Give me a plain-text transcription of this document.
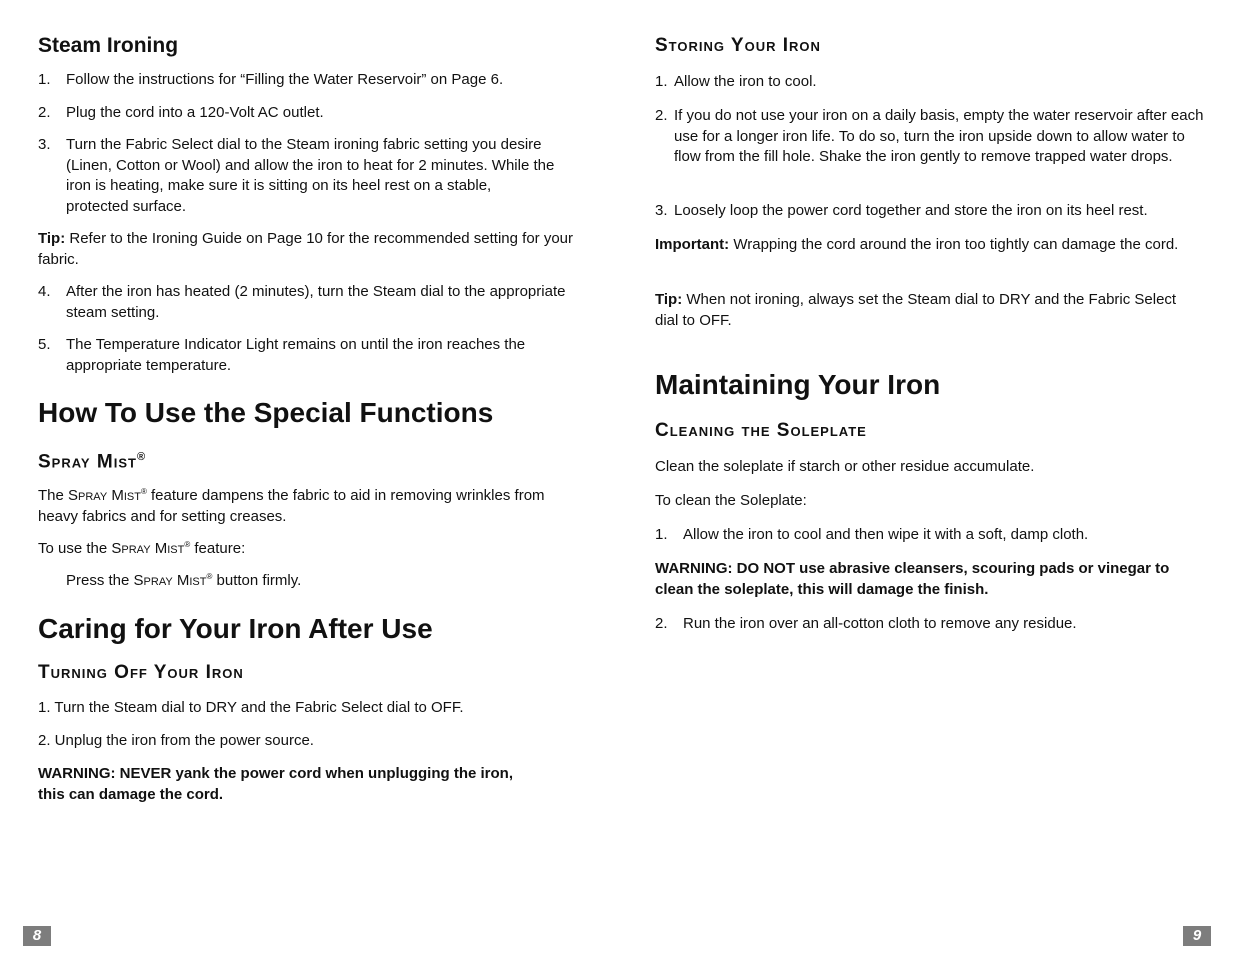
Steam Ironing
1. Follow the instructions for “Filling the Water Reservoir” on Page 6.
2. Plug the cord into a 120-Volt AC outlet.
3. Turn the Fabric Select dial to the Steam ironing fabric setting you desire (Linen, Cotton or Wool) and allow the iron to heat for 2 minutes. While the iron is heating, make sure it is sitting on its heel rest on a stable, protected surface.

Tip: Refer to the Ironing Guide on Page 10 for the recommended setting for your fabric.

4. After the iron has heated (2 minutes), turn the Steam dial to the appropriate steam setting.
5. The Temperature Indicator Light remains on until the iron reaches the appropriate temperature.
How To Use the Special Functions
Spray Mist®

The Spray Mist® feature dampens the fabric to aid in removing wrinkles from heavy fabrics and for setting creases.

To use the Spray Mist® feature:

Press the Spray Mist® button firmly.

Caring for Your Iron After Use
Turning Off Your Iron

1. Turn the Steam dial to DRY and the Fabric Select dial to OFF.

2. Unplug the iron from the power source.

WARNING: NEVER yank the power cord when unplugging the iron, this can damage the cord.

8
Storing Your Iron
1. Allow the iron to cool.
2. If you do not use your iron on a daily basis, empty the water reservoir after each use for a longer iron life. To do so, turn the iron upside down to allow water to flow from the fill hole. Shake the iron gently to remove trapped water drops.
3. Loosely loop the power cord together and store the iron on its heel rest.

Important: Wrapping the cord around the iron too tightly can damage the cord.

Tip: When not ironing, always set the Steam dial to DRY and the Fabric Select dial to OFF.

Maintaining Your Iron
Cleaning the Soleplate

Clean the soleplate if starch or other residue accumulate.

To clean the Soleplate:

1. Allow the iron to cool and then wipe it with a soft, damp cloth.

WARNING: DO NOT use abrasive cleansers, scouring pads or vinegar to clean the soleplate, this will damage the finish.

2. Run the iron over an all-cotton cloth to remove any residue.
9
